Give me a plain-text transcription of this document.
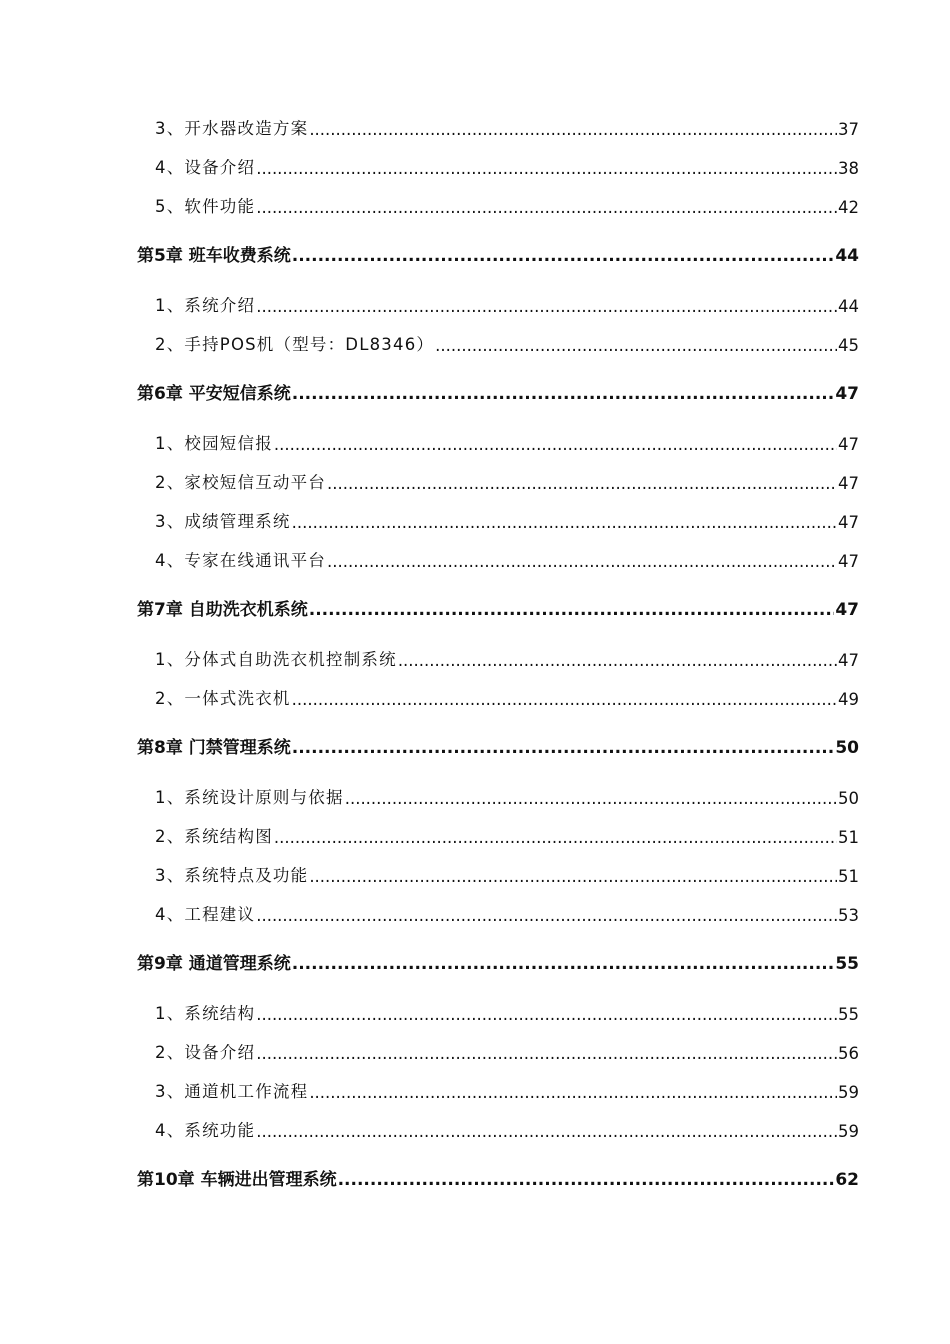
3、开水器改造方案 .....	37
4、设备介绍 .....	38
5、软件功能 .....	42
第5章 班车收费系统 .....	44
1、系统介绍 .....	44
2、手持POS机（型号：DL8346） .....	45
第6章 平安短信系统 .....	47
1、校园短信报 .....	47
2、家校短信互动平台 .....	47
3、成绩管理系统 .....	47
4、专家在线通讯平台 .....	47
第7章 自助洗衣机系统 .....	47
1、分体式自助洗衣机控制系统 .....	47
2、一体式洗衣机 .....	49
第8章 门禁管理系统 .....	50
1、系统设计原则与依据 .....	50
2、系统结构图 .....	51
3、系统特点及功能 .....	51
4、工程建议 .....	53
第9章 通道管理系统 .....	55
1、系统结构 .....	55
2、设备介绍 .....	56
3、通道机工作流程 .....	59
4、系统功能 .....	59
第10章 车辆进出管理系统 .....	62
